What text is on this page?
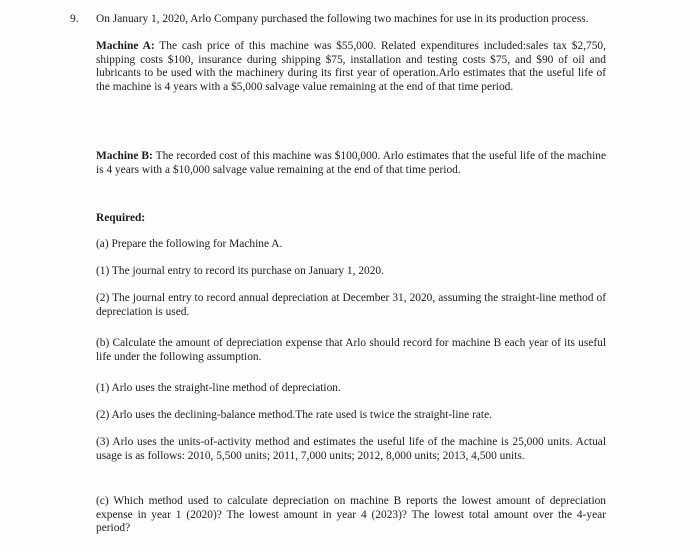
9. On January 1, 2020, Arlo Company purchased the following two machines for use in its production process.

Machine A: The cash price of this machine was $55,000. Related expenditures included:sales tax $2,750, shipping costs $100, insurance during shipping $75, installation and testing costs $75, and $90 of oil and lubricants to be used with the machinery during its first year of operation.Arlo estimates that the useful life of the machine is 4 years with a $5,000 salvage value remaining at the end of that time period.

Machine B: The recorded cost of this machine was $100,000. Arlo estimates that the useful life of the machine is 4 years with a $10,000 salvage value remaining at the end of that time period.

Required:

(a) Prepare the following for Machine A.

(1) The journal entry to record its purchase on January 1, 2020.

(2) The journal entry to record annual depreciation at December 31, 2020, assuming the straight-line method of depreciation is used.

(b) Calculate the amount of depreciation expense that Arlo should record for machine B each year of its useful life under the following assumption.

(1) Arlo uses the straight-line method of depreciation.

(2) Arlo uses the declining-balance method.The rate used is twice the straight-line rate.

(3) Arlo uses the units-of-activity method and estimates the useful life of the machine is 25,000 units. Actual usage is as follows: 2010, 5,500 units; 2011, 7,000 units; 2012, 8,000 units; 2013, 4,500 units.

(c) Which method used to calculate depreciation on machine B reports the lowest amount of depreciation expense in year 1 (2020)? The lowest amount in year 4 (2023)? The lowest total amount over the 4-year period?
